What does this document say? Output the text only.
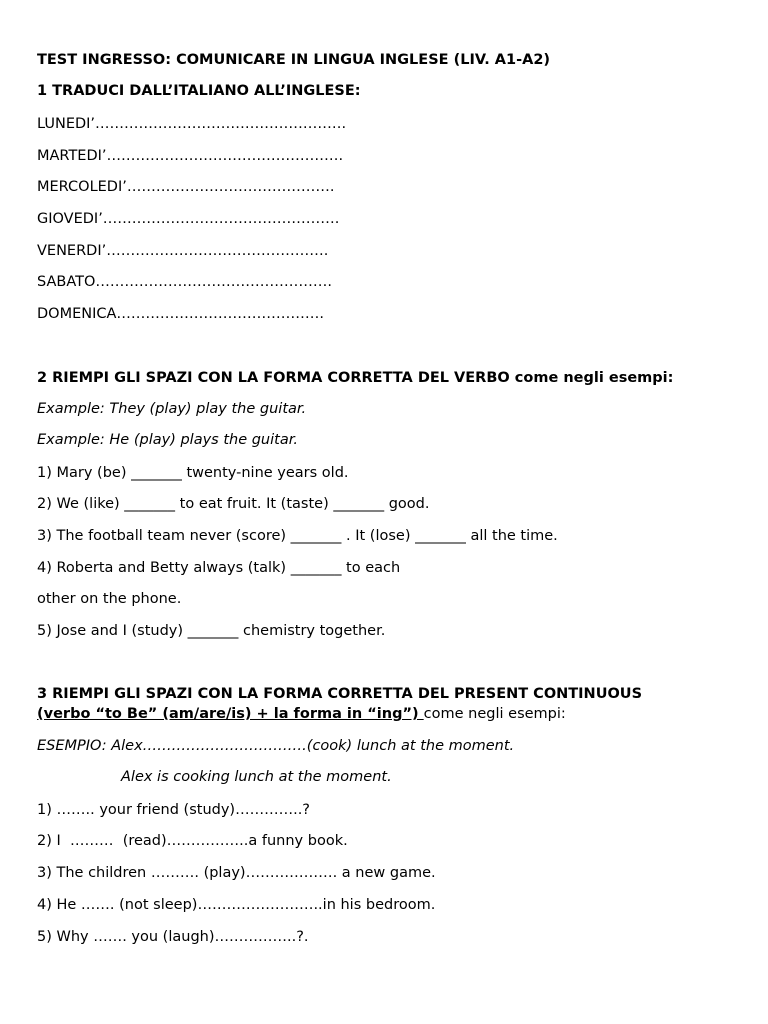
TEST INGRESSO: COMUNICARE IN LINGUA INGLESE (LIV. A1-A2)
1 TRADUCI DALL’ITALIANO ALL’INGLESE:
LUNEDI’…………………………………………….
MARTEDI’………………………………………….
MERCOLEDI’…………………………………….
GIOVEDI’………………………………………….
VENERDI’……………………………………….
SABATO………………………………………….
DOMENICA…………………………………….
2 RIEMPI GLI SPAZI CON LA FORMA CORRETTA DEL VERBO come negli esempi:
Example: They (play) play the guitar.
Example: He (play) plays the guitar.
1) Mary (be) _______ twenty-nine years old.
2) We (like) _______ to eat fruit. It (taste) _______ good.
3) The football team never (score) _______ . It (lose) _______ all the time.
4) Roberta and Betty always (talk) _______ to each
other on the phone.
5) Jose and I (study) _______ chemistry together.
3 RIEMPI GLI SPAZI CON LA FORMA CORRETTA DEL PRESENT CONTINUOUS
(verbo “to Be” (am/are/is) + la forma in “ing”) come negli esempi:
ESEMPIO: Alex…………………………….(cook) lunch at the moment.
Alex is cooking lunch at the moment.
1) …….. your friend (study)…………..?
2) I  ………  (read)……………..a funny book.
3) The children ………. (play)………………. a new game.
4) He ……. (not sleep)……………………..in his bedroom.
5) Why ……. you (laugh)……………..?.
